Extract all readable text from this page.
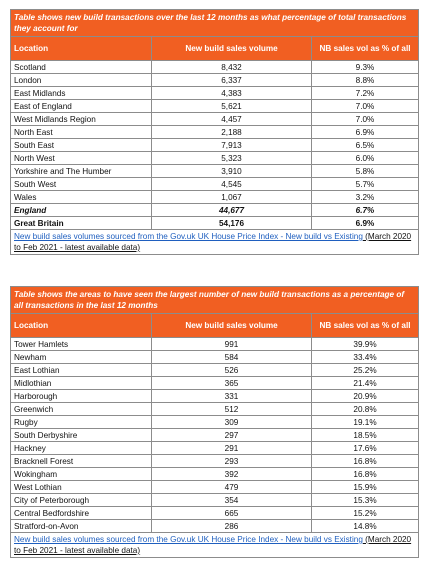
Table shows new build transactions over the last 12 months as what percentage of total transactions they account for		
Location	New build sales volume	NB sales vol as % of all
Scotland	8,432	9.3%
London	6,337	8.8%
East Midlands	4,383	7.2%
East of England	5,621	7.0%
West Midlands Region	4,457	7.0%
North East	2,188	6.9%
South East	7,913	6.5%
North West	5,323	6.0%
Yorkshire and The Humber	3,910	5.8%
South West	4,545	5.7%
Wales	1,067	3.2%
England	44,677	6.7%
Great Britain	54,176	6.9%
New build sales volumes sourced from the Gov.uk UK House Price Index - New build vs Existing (March 2020 to Feb 2021 - latest available data)		
Table shows the areas to have seen the largest number of new build transactions as a percentage of all transactions in the last 12 months		
Location	New build sales volume	NB sales vol as % of all
Tower Hamlets	991	39.9%
Newham	584	33.4%
East Lothian	526	25.2%
Midlothian	365	21.4%
Harborough	331	20.9%
Greenwich	512	20.8%
Rugby	309	19.1%
South Derbyshire	297	18.5%
Hackney	291	17.6%
Bracknell Forest	293	16.8%
Wokingham	392	16.8%
West Lothian	479	15.9%
City of Peterborough	354	15.3%
Central Bedfordshire	665	15.2%
Stratford-on-Avon	286	14.8%
New build sales volumes sourced from the Gov.uk UK House Price Index - New build vs Existing (March 2020 to Feb 2021 - latest available data)		
